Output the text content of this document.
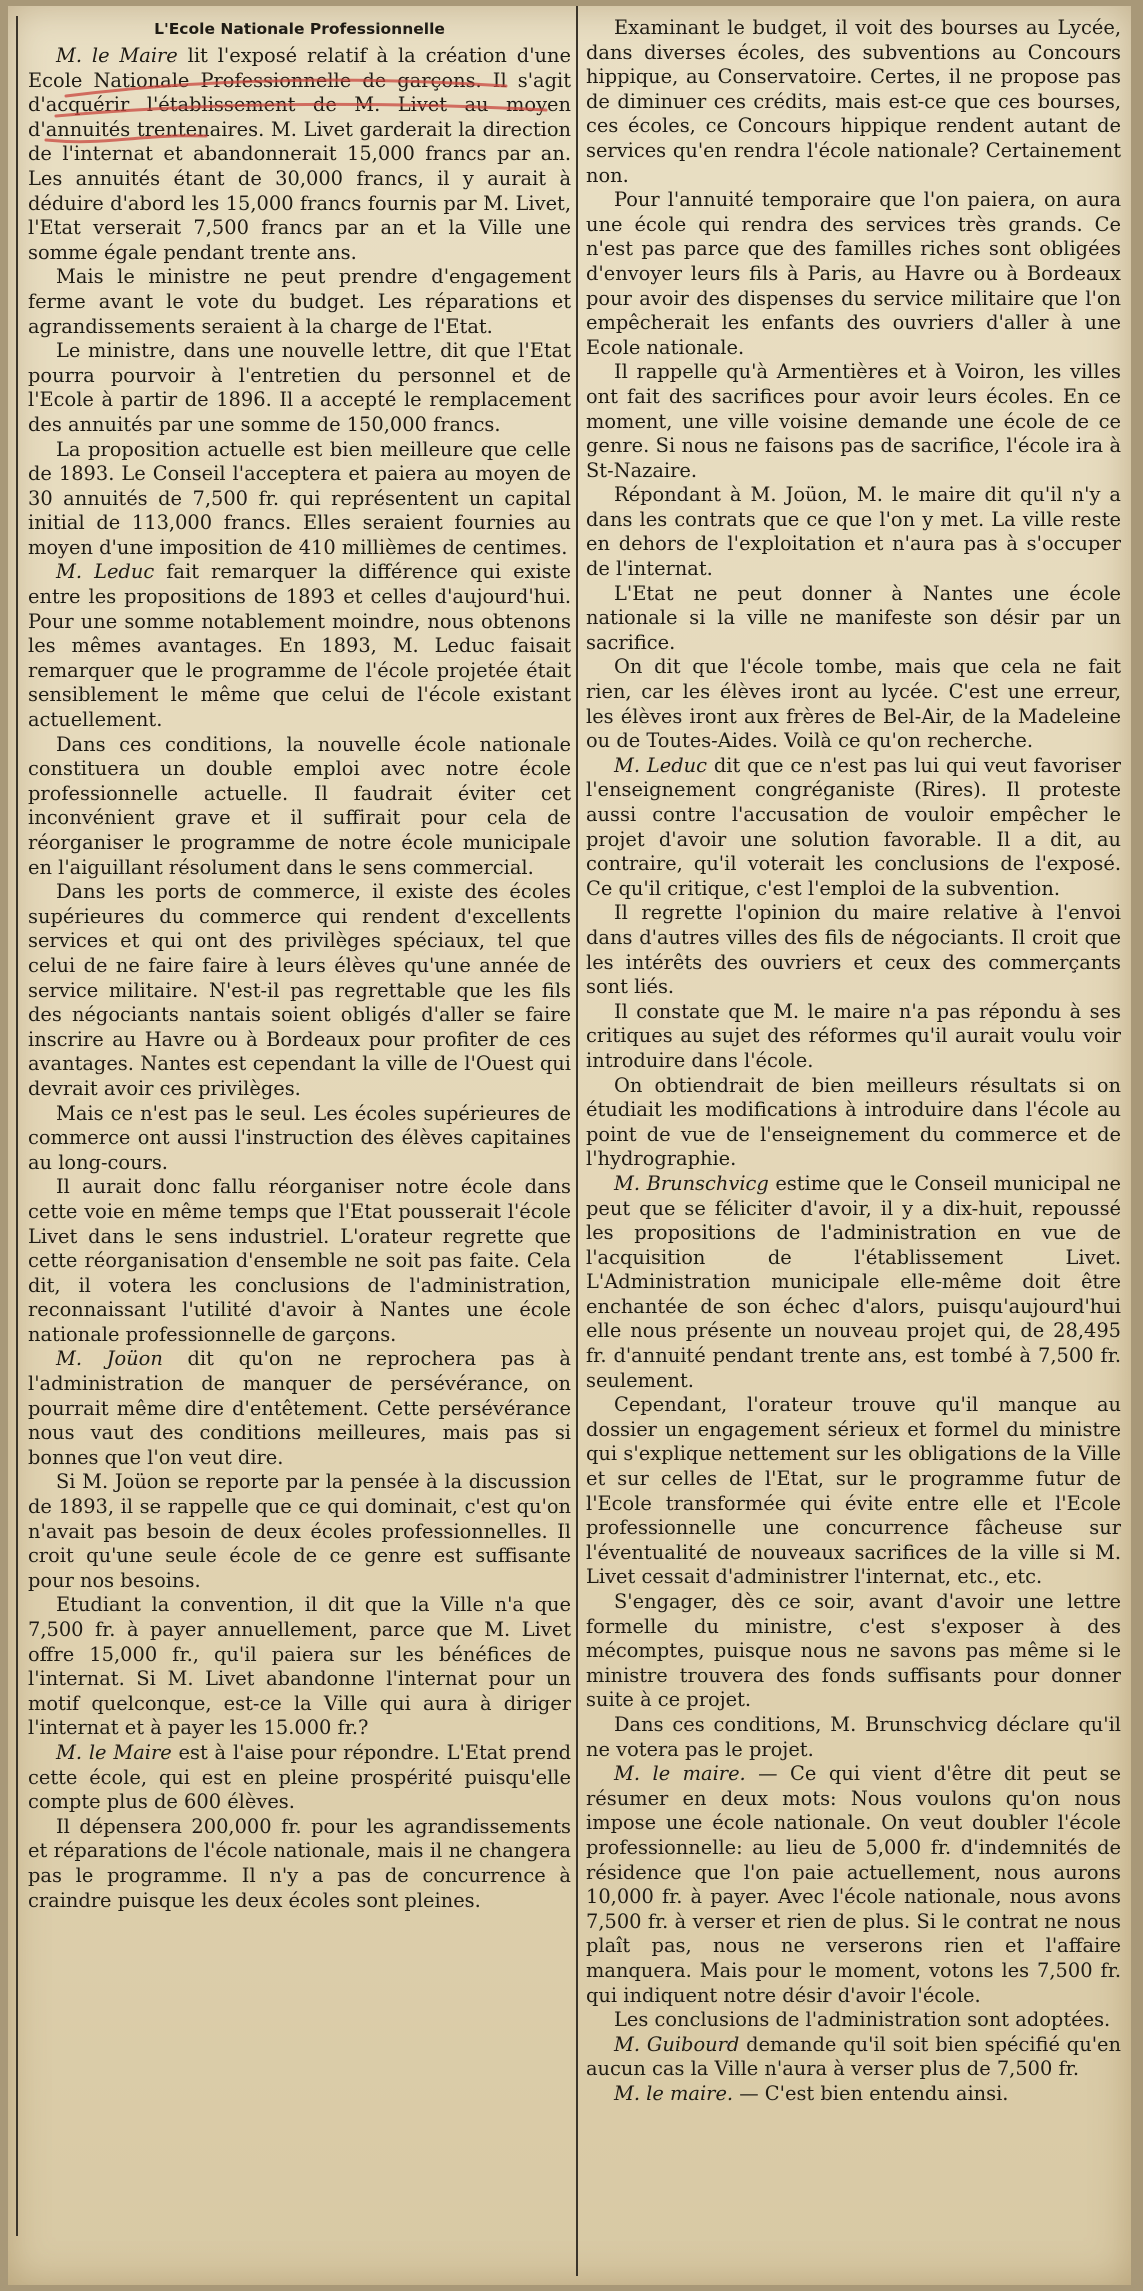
L'Ecole Nationale Professionnelle

M. le Maire lit l'exposé relatif à la création d'une Ecole Nationale Professionnelle de garçons. Il s'agit d'acquérir l'établissement de M. Livet au moyen d'annuités trentenaires. M. Livet garderait la direction de l'internat et abandonnerait 15,000 francs par an. Les annuités étant de 30,000 francs, il y aurait à déduire d'abord les 15,000 francs fournis par M. Livet, l'Etat verserait 7,500 francs par an et la Ville une somme égale pendant trente ans.

Mais le ministre ne peut prendre d'engagement ferme avant le vote du budget. Les réparations et agrandissements seraient à la charge de l'Etat.

Le ministre, dans une nouvelle lettre, dit que l'Etat pourra pourvoir à l'entretien du personnel et de l'Ecole à partir de 1896. Il a accepté le remplacement des annuités par une somme de 150,000 francs.

La proposition actuelle est bien meilleure que celle de 1893. Le Conseil l'acceptera et paiera au moyen de 30 annuités de 7,500 fr. qui représentent un capital initial de 113,000 francs. Elles seraient fournies au moyen d'une imposition de 410 millièmes de centimes.

M. Leduc fait remarquer la différence qui existe entre les propositions de 1893 et celles d'aujourd'hui. Pour une somme notablement moindre, nous obtenons les mêmes avantages. En 1893, M. Leduc faisait remarquer que le programme de l'école projetée était sensiblement le même que celui de l'école existant actuellement.

Dans ces conditions, la nouvelle école nationale constituera un double emploi avec notre école professionnelle actuelle. Il faudrait éviter cet inconvénient grave et il suffirait pour cela de réorganiser le programme de notre école municipale en l'aiguillant résolument dans le sens commercial.

Dans les ports de commerce, il existe des écoles supérieures du commerce qui rendent d'excellents services et qui ont des privilèges spéciaux, tel que celui de ne faire faire à leurs élèves qu'une année de service militaire. N'est-il pas regrettable que les fils des négociants nantais soient obligés d'aller se faire inscrire au Havre ou à Bordeaux pour profiter de ces avantages. Nantes est cependant la ville de l'Ouest qui devrait avoir ces privilèges.

Mais ce n'est pas le seul. Les écoles supérieures de commerce ont aussi l'instruction des élèves capitaines au long-cours.

Il aurait donc fallu réorganiser notre école dans cette voie en même temps que l'Etat pousserait l'école Livet dans le sens industriel. L'orateur regrette que cette réorganisation d'ensemble ne soit pas faite. Cela dit, il votera les conclusions de l'administration, reconnaissant l'utilité d'avoir à Nantes une école nationale professionnelle de garçons.

M. Joüon dit qu'on ne reprochera pas à l'administration de manquer de persévérance, on pourrait même dire d'entêtement. Cette persévérance nous vaut des conditions meilleures, mais pas si bonnes que l'on veut dire.

Si M. Joüon se reporte par la pensée à la discussion de 1893, il se rappelle que ce qui dominait, c'est qu'on n'avait pas besoin de deux écoles professionnelles. Il croit qu'une seule école de ce genre est suffisante pour nos besoins.

Etudiant la convention, il dit que la Ville n'a que 7,500 fr. à payer annuellement, parce que M. Livet offre 15,000 fr., qu'il paiera sur les bénéfices de l'internat. Si M. Livet abandonne l'internat pour un motif quelconque, est-ce la Ville qui aura à diriger l'internat et à payer les 15.000 fr.?

M. le Maire est à l'aise pour répondre. L'Etat prend cette école, qui est en pleine prospérité puisqu'elle compte plus de 600 élèves.

Il dépensera 200,000 fr. pour les agrandissements et réparations de l'école nationale, mais il ne changera pas le programme. Il n'y a pas de concurrence à craindre puisque les deux écoles sont pleines.

Examinant le budget, il voit des bourses au Lycée, dans diverses écoles, des subventions au Concours hippique, au Conservatoire. Certes, il ne propose pas de diminuer ces crédits, mais est-ce que ces bourses, ces écoles, ce Concours hippique rendent autant de services qu'en rendra l'école nationale? Certainement non.

Pour l'annuité temporaire que l'on paiera, on aura une école qui rendra des services très grands. Ce n'est pas parce que des familles riches sont obligées d'envoyer leurs fils à Paris, au Havre ou à Bordeaux pour avoir des dispenses du service militaire que l'on empêcherait les enfants des ouvriers d'aller à une Ecole nationale.

Il rappelle qu'à Armentières et à Voiron, les villes ont fait des sacrifices pour avoir leurs écoles. En ce moment, une ville voisine demande une école de ce genre. Si nous ne faisons pas de sacrifice, l'école ira à St-Nazaire.

Répondant à M. Joüon, M. le maire dit qu'il n'y a dans les contrats que ce que l'on y met. La ville reste en dehors de l'exploitation et n'aura pas à s'occuper de l'internat.

L'Etat ne peut donner à Nantes une école nationale si la ville ne manifeste son désir par un sacrifice.

On dit que l'école tombe, mais que cela ne fait rien, car les élèves iront au lycée. C'est une erreur, les élèves iront aux frères de Bel-Air, de la Madeleine ou de Toutes-Aides. Voilà ce qu'on recherche.

M. Leduc dit que ce n'est pas lui qui veut favoriser l'enseignement congréganiste (Rires). Il proteste aussi contre l'accusation de vouloir empêcher le projet d'avoir une solution favorable. Il a dit, au contraire, qu'il voterait les conclusions de l'exposé. Ce qu'il critique, c'est l'emploi de la subvention.

Il regrette l'opinion du maire relative à l'envoi dans d'autres villes des fils de négociants. Il croit que les intérêts des ouvriers et ceux des commerçants sont liés.

Il constate que M. le maire n'a pas répondu à ses critiques au sujet des réformes qu'il aurait voulu voir introduire dans l'école.

On obtiendrait de bien meilleurs résultats si on étudiait les modifications à introduire dans l'école au point de vue de l'enseignement du commerce et de l'hydrographie.

M. Brunschvicg estime que le Conseil municipal ne peut que se féliciter d'avoir, il y a dix-huit, repoussé les propositions de l'administration en vue de l'acquisition de l'établissement Livet. L'Administration municipale elle-même doit être enchantée de son échec d'alors, puisqu'aujourd'hui elle nous présente un nouveau projet qui, de 28,495 fr. d'annuité pendant trente ans, est tombé à 7,500 fr. seulement.

Cependant, l'orateur trouve qu'il manque au dossier un engagement sérieux et formel du ministre qui s'explique nettement sur les obligations de la Ville et sur celles de l'Etat, sur le programme futur de l'Ecole transformée qui évite entre elle et l'Ecole professionnelle une concurrence fâcheuse sur l'éventualité de nouveaux sacrifices de la ville si M. Livet cessait d'administrer l'internat, etc., etc.

S'engager, dès ce soir, avant d'avoir une lettre formelle du ministre, c'est s'exposer à des mécomptes, puisque nous ne savons pas même si le ministre trouvera des fonds suffisants pour donner suite à ce projet.

Dans ces conditions, M. Brunschvicg déclare qu'il ne votera pas le projet.

M. le maire. — Ce qui vient d'être dit peut se résumer en deux mots: Nous voulons qu'on nous impose une école nationale. On veut doubler l'école professionnelle: au lieu de 5,000 fr. d'indemnités de résidence que l'on paie actuellement, nous aurons 10,000 fr. à payer. Avec l'école nationale, nous avons 7,500 fr. à verser et rien de plus. Si le contrat ne nous plaît pas, nous ne verserons rien et l'affaire manquera. Mais pour le moment, votons les 7,500 fr. qui indiquent notre désir d'avoir l'école.

Les conclusions de l'administration sont adoptées.

M. Guibourd demande qu'il soit bien spécifié qu'en aucun cas la Ville n'aura à verser plus de 7,500 fr.

M. le maire. — C'est bien entendu ainsi.
